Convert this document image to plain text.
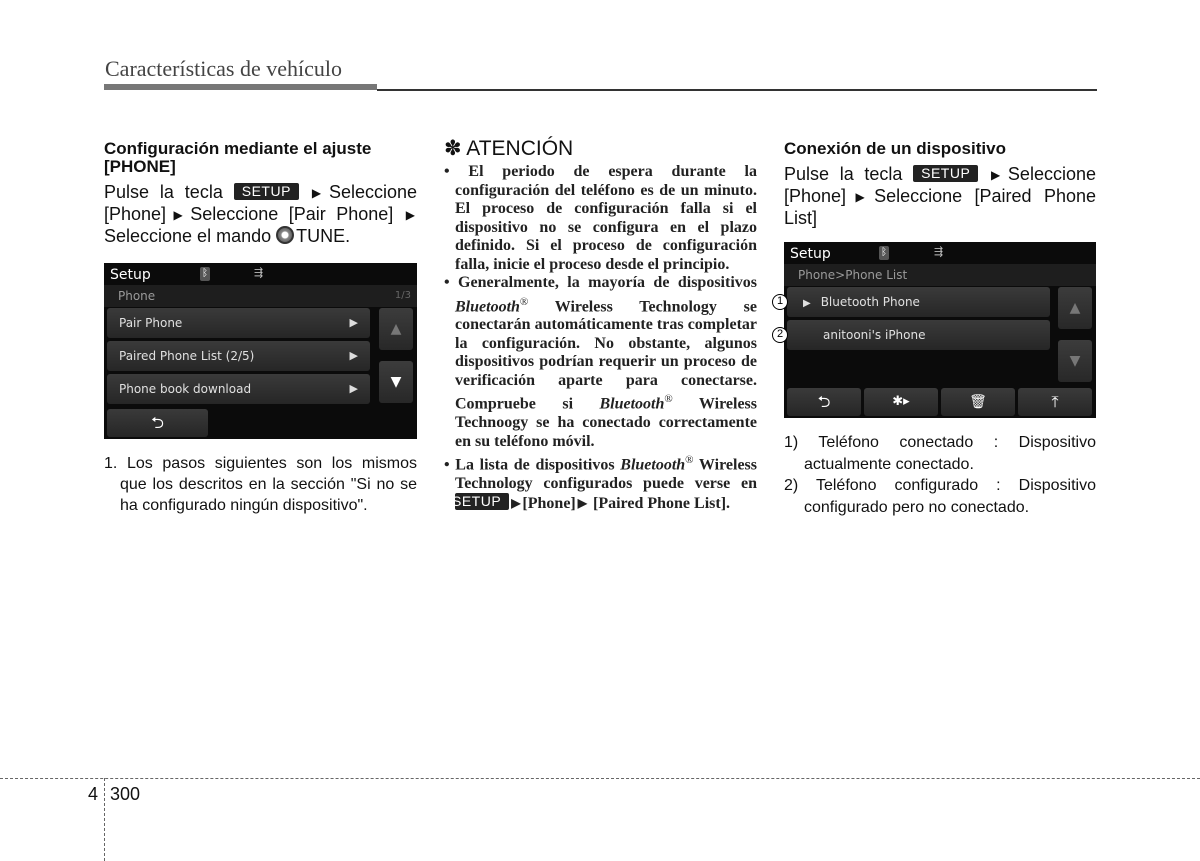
Características de vehículo
Configuración mediante el ajuste [PHONE]
Pulse la tecla SETUP ▶ Seleccione [Phone] ▶ Seleccione [Pair Phone] ▶ Seleccione el mando TUNE.
Setup	ᛒ	⇶
Phone	1/3
Pair Phone	▶
Paired Phone List (2/5)	▶
Phone book download	▶
▲
▼
⮌
1. Los pasos siguientes son los mismos que los descritos en la sección "Si no se ha configurado ningún dispositivo".
✽ ATENCIÓN
• El periodo de espera durante la configuración del teléfono es de un minuto. El proceso de configuración falla si el dispositivo no se configura en el plazo definido. Si el proceso de configuración falla, inicie el proceso desde el principio.
• Generalmente, la mayoría de dispositivos Bluetooth® Wireless Technology se conectarán automáticamente tras completar la configuración. No obstante, algunos dispositivos podrían requerir un proceso de verificación aparte para conectarse. Compruebe si Bluetooth® Wireless Technoogy se ha conectado correctamente en su teléfono móvil.
• La lista de dispositivos Bluetooth® Wireless Technology configurados puede verse en SETUP ▶ [Phone] ▶ [Paired Phone List].
Conexión de un dispositivo
Pulse la tecla SETUP ▶ Seleccione [Phone] ▶ Seleccione [Paired Phone List]
Setup	ᛒ	⇶
Phone>Phone List
▶ Bluetooth Phone
anitooni's iPhone
1
2
▲
▼
⮌	✱▸	🗑	⤒
1) Teléfono conectado : Dispositivo actualmente conectado.
2) Teléfono configurado : Dispositivo configurado pero no conectado.
4 300
